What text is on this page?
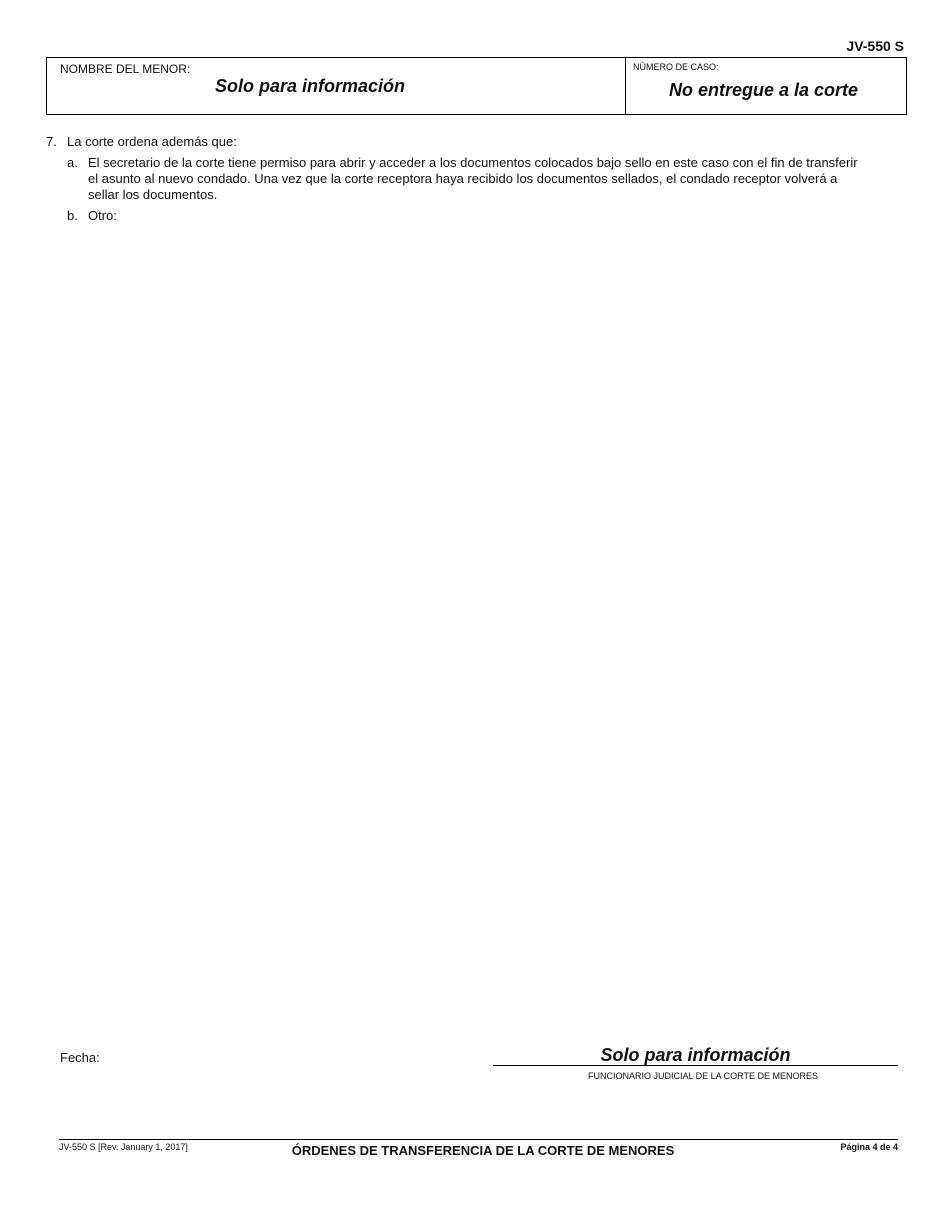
JV-550 S
NOMBRE DEL MENOR:
Solo para información
NÚMERO DE CASO:
No entregue a la corte
7. La corte ordena además que:
a. El secretario de la corte tiene permiso para abrir y acceder a los documentos colocados bajo sello en este caso con el fin de transferir el asunto al nuevo condado. Una vez que la corte receptora haya recibido los documentos sellados, el condado receptor volverá a sellar los documentos.
b. Otro:
Fecha:	Solo para información
FUNCIONARIO JUDICIAL DE LA CORTE DE MENORES
JV-550 S [Rev. January 1, 2017]	ÓRDENES DE TRANSFERENCIA DE LA CORTE DE MENORES	Página 4 de 4
